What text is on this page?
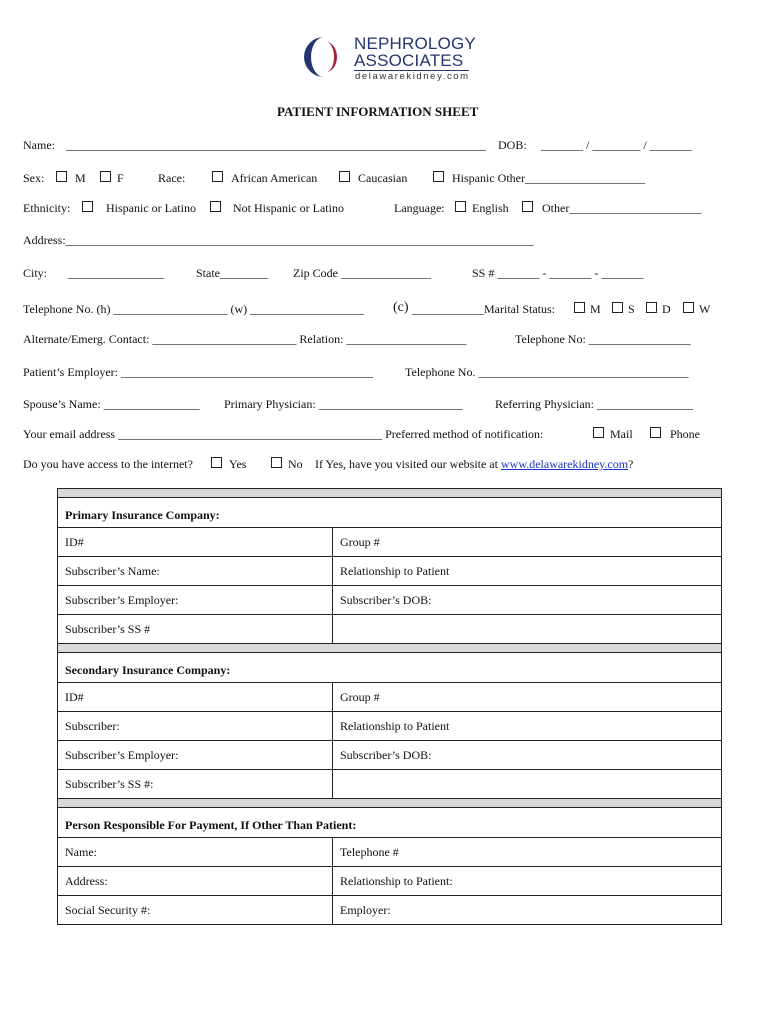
NEPHROLOGY
ASSOCIATES
delawarekidney.com
PATIENT INFORMATION SHEET
Name: ______________________________________________________________________ DOB: _______ / ________ / _______
Sex:	M	F	Race:	African American	Caucasian	Hispanic Other____________________
Ethnicity:	Hispanic or Latino	Not Hispanic or Latino	Language: English	Other______________________
Address:______________________________________________________________________________
City: ________________	State________ Zip Code _______________	SS # _______ - _______ - _______
Telephone No. (h) ___________________ (w) ___________________ (c) ____________Marital Status:	M S D W
Alternate/Emerg. Contact: ________________________ Relation: ____________________	Telephone No: _________________
Patient’s Employer: __________________________________________	Telephone No. ___________________________________
Spouse’s Name: ________________ Primary Physician: ________________________	Referring Physician: ________________
Your email address ____________________________________________ Preferred method of notification:	Mail	Phone
Do you have access to the internet?	Yes	No If Yes, have you visited our website at www.delawarekidney.com?

Primary Insurance Company:	
ID#	Group #
Subscriber’s Name:	Relationship to Patient
Subscriber’s Employer:	Subscriber’s DOB:
Subscriber’s SS #	

Secondary Insurance Company:	
ID#	Group #
Subscriber:	Relationship to Patient
Subscriber’s Employer:	Subscriber’s DOB:
Subscriber’s SS #:	

Person Responsible For Payment, If Other Than Patient:	
Name:	Telephone #
Address:	Relationship to Patient:
Social Security #:	Employer:
